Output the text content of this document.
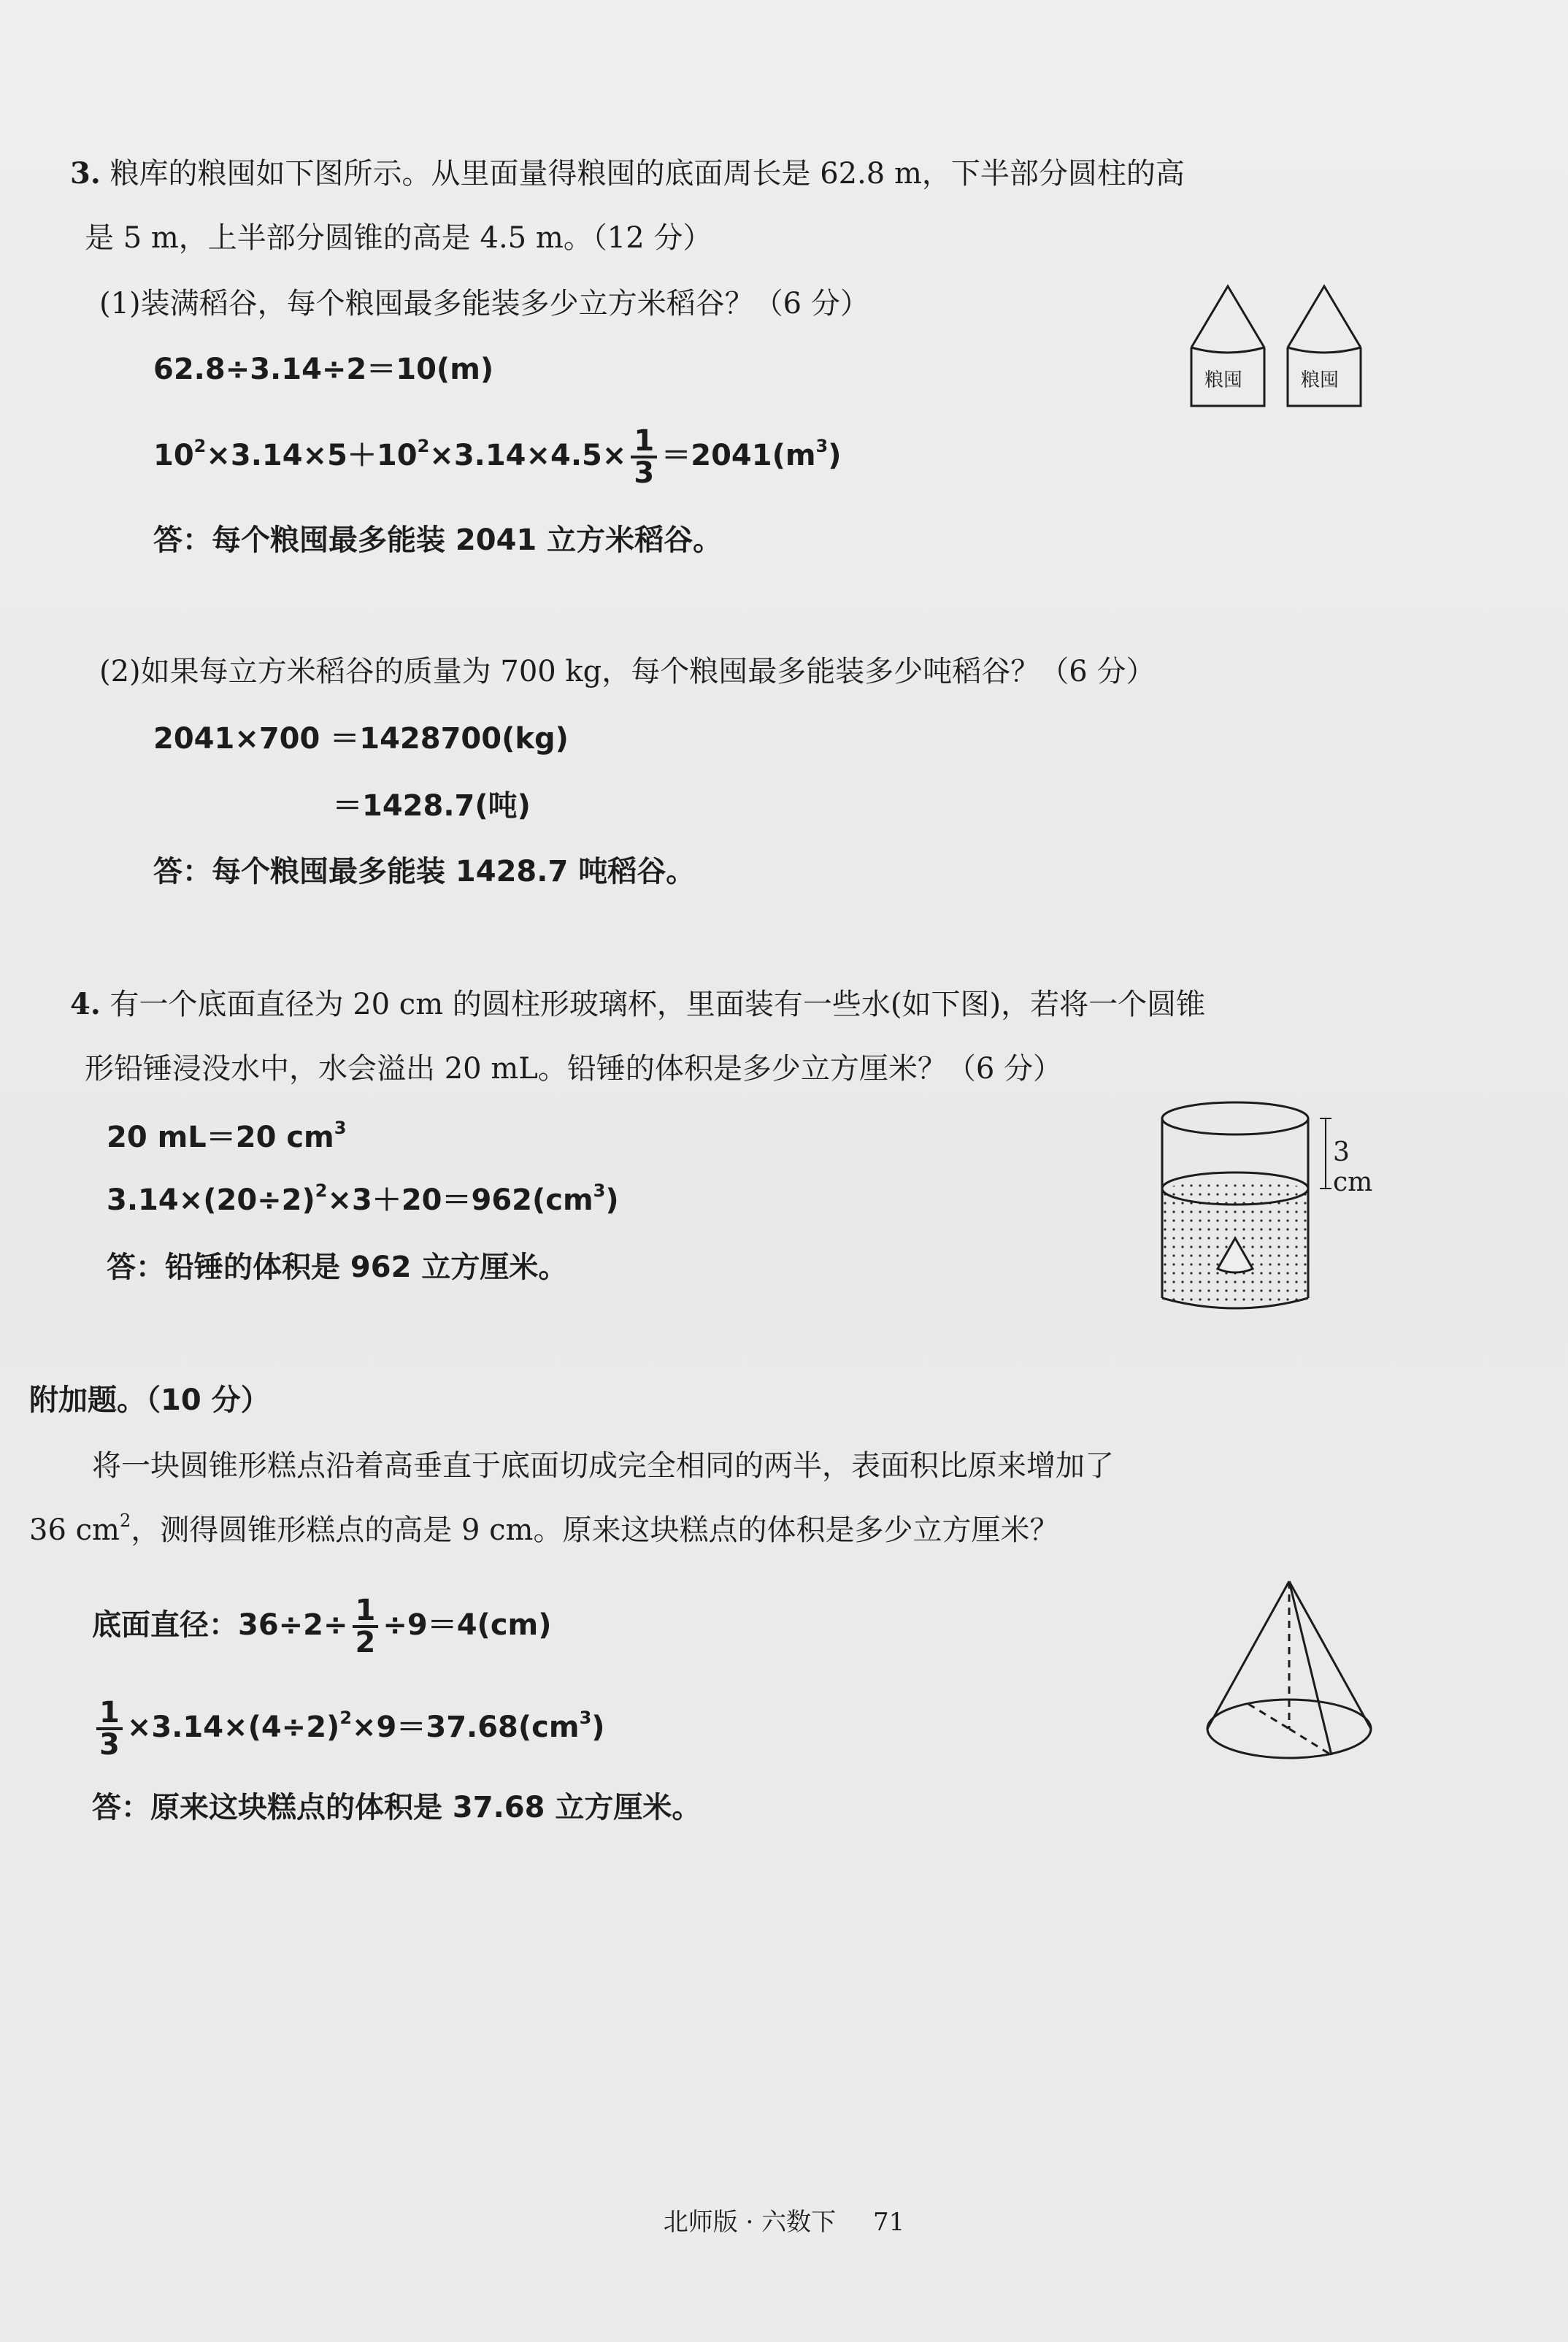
3. 粮库的粮囤如下图所示。从里面量得粮囤的底面周长是 62.8 m，下半部分圆柱的高
是 5 m，上半部分圆锥的高是 4.5 m。（12 分）
(1)装满稻谷，每个粮囤最多能装多少立方米稻谷？（6 分）
62.8÷3.14÷2＝10(m)
$10^2\times 3.14\times 5+10^2\times 3.14\times 4.5\times \frac{1}{3} =2041(m^3)$
答：每个粮囤最多能装 2041 立方米稻谷。
(2)如果每立方米稻谷的质量为 700 kg，每个粮囤最多能装多少吨稻谷？（6 分）
2041×700 ＝1428700(kg)
＝1428.7(吨)
答：每个粮囤最多能装 1428.7 吨稻谷。
粮囤	粮囤
4. 有一个底面直径为 20 cm 的圆柱形玻璃杯，里面装有一些水(如下图)，若将一个圆锥
形铅锤浸没水中，水会溢出 20 mL。铅锤的体积是多少立方厘米？（6 分）
20 mL＝20 $cm^3$
$3.14\times(20\div 2)^2\times 3+20=962(cm^3)$
答：铅锤的体积是 962 立方厘米。
3 cm
附加题。（10 分）
将一块圆锥形糕点沿着高垂直于底面切成完全相同的两半，表面积比原来增加了
36 $cm^2$，测得圆锥形糕点的高是 9 cm。原来这块糕点的体积是多少立方厘米？
底面直径：$36\div 2\div \frac{1}{2} \div 9=4(cm)$
$\frac{1}{3} \times 3.14\times(4\div 2)^2\times 9=37.68(cm^3)$
答：原来这块糕点的体积是 37.68 立方厘米。
北师版 · 六数下 71
